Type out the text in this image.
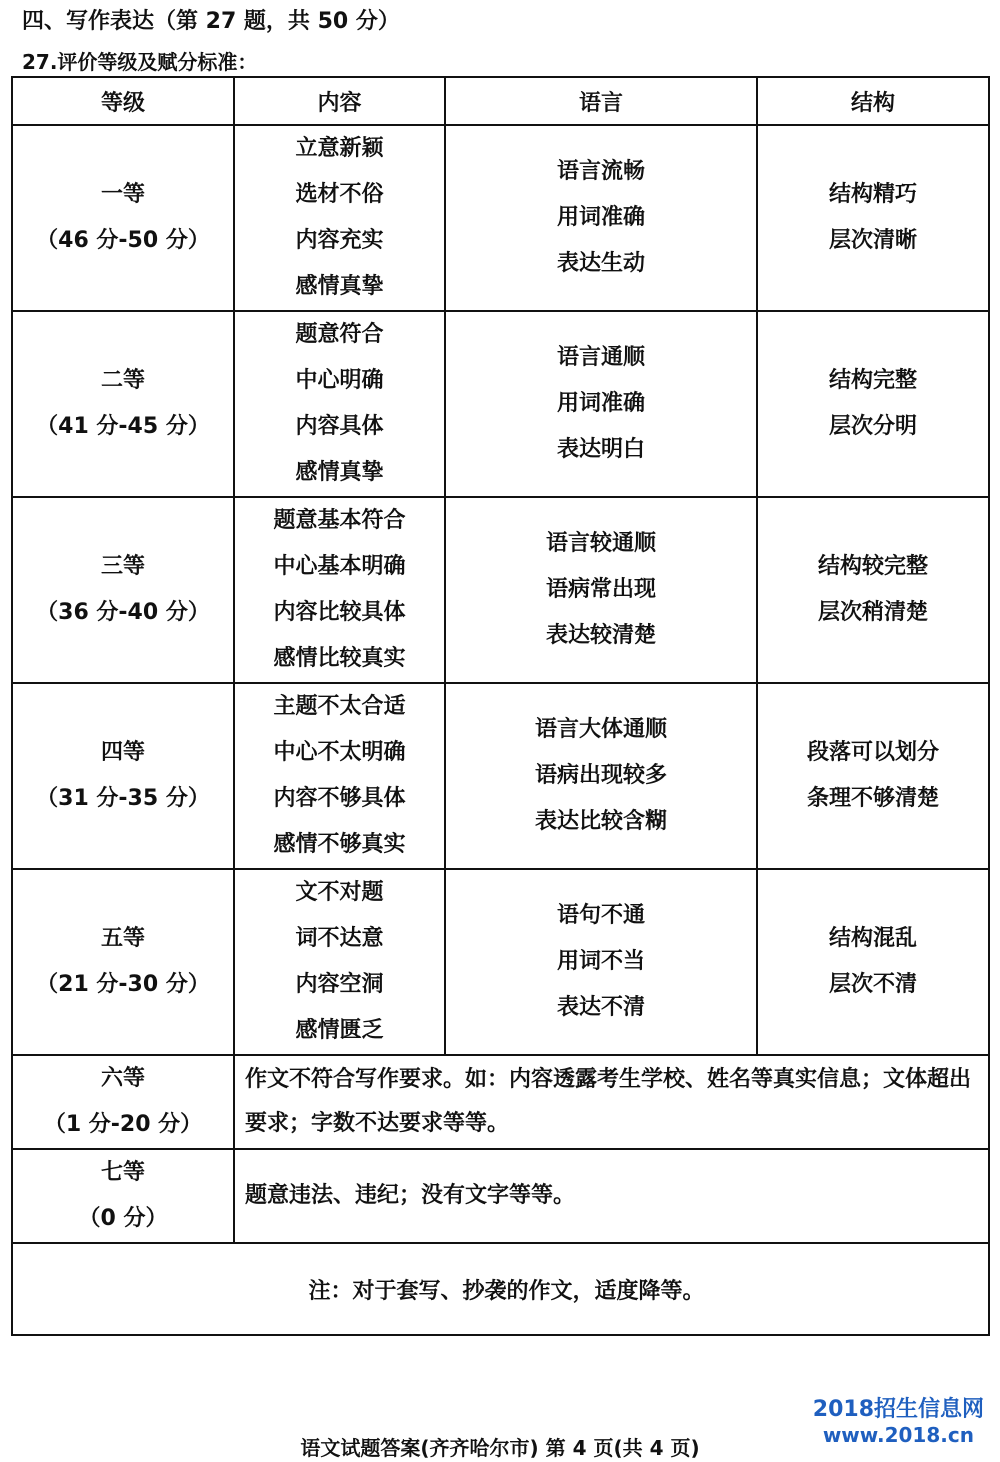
四、写作表达（第 27 题，共 50 分）
27.评价等级及赋分标准：
等级	内容	语言	结构

一等
（46 分-50 分）	立意新颖
选材不俗
内容充实
感情真挚	语言流畅
用词准确
表达生动	结构精巧
层次清晰

二等
（41 分-45 分）	题意符合
中心明确
内容具体
感情真挚	语言通顺
用词准确
表达明白	结构完整
层次分明

三等
（36 分-40 分）	题意基本符合
中心基本明确
内容比较具体
感情比较真实	语言较通顺
语病常出现
表达较清楚	结构较完整
层次稍清楚

四等
（31 分-35 分）	主题不太合适
中心不太明确
内容不够具体
感情不够真实	语言大体通顺
语病出现较多
表达比较含糊	段落可以划分
条理不够清楚

五等
（21 分-30 分）	文不对题
词不达意
内容空洞
感情匮乏	语句不通
用词不当
表达不清	结构混乱
层次不清

六等
（1 分-20 分）	作文不符合写作要求。如：内容透露考生学校、姓名等真实信息；文体超出要求；字数不达要求等等。		

七等
（0 分）	题意违法、违纪；没有文字等等。		
注：对于套写、抄袭的作文，适度降等。			
2018招生信息网
www.2018.cn
语文试题答案(齐齐哈尔市) 第 4 页(共 4 页)
